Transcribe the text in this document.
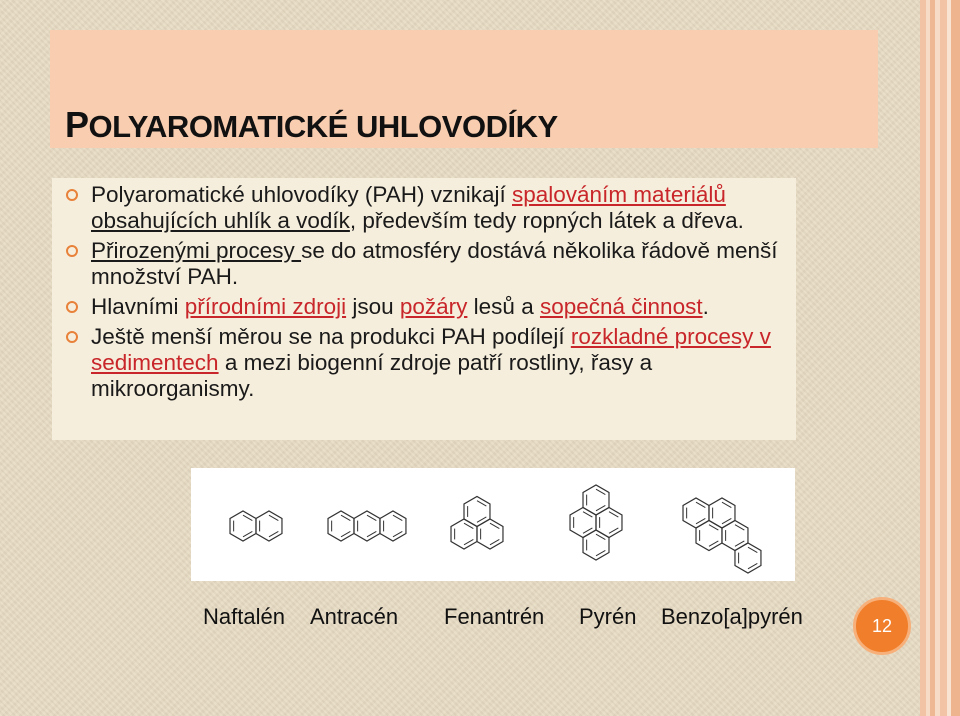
POLYAROMATICKÉ UHLOVODÍKY
Polyaromatické uhlovodíky (PAH) vznikají spalováním materiálů obsahujících uhlík a vodík, především tedy ropných látek a dřeva.
Přirozenými procesy se do atmosféry dostává několika řádově menší množství PAH.
Hlavními přírodními zdroji jsou požáry lesů a sopečná činnost.
Ještě menší měrou se na produkci PAH podílejí rozkladné procesy v sedimentech a mezi biogenní zdroje patří rostliny, řasy a mikroorganismy.
Naftalén Antracén Fenantrén Pyrén Benzo[a]pyrén	12
